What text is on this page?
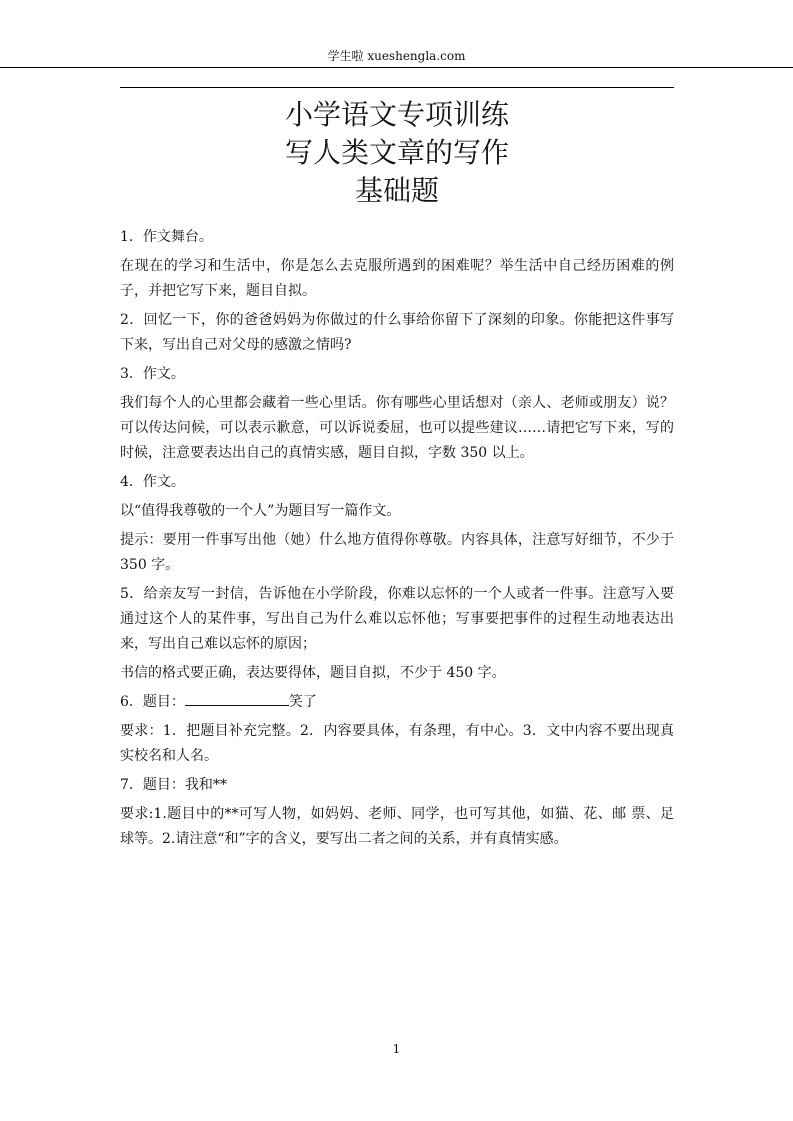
学生啦 xueshengla.com
小学语文专项训练
写人类文章的写作
基础题

1．作文舞台。

在现在的学习和生活中，你是怎么去克服所遇到的困难呢？举生活中自己经历困难的例子，并把它写下来，题目自拟。

2．回忆一下，你的爸爸妈妈为你做过的什么事给你留下了深刻的印象。你能把这件事写下来，写出自己对父母的感激之情吗?

3．作文。

我们每个人的心里都会藏着一些心里话。你有哪些心里话想对（亲人、老师或朋友）说？可以传达问候，可以表示歉意，可以诉说委屈，也可以提些建议……请把它写下来，写的时候，注意要表达出自己的真情实感，题目自拟，字数 350 以上。

4．作文。

以“值得我尊敬的一个人”为题目写一篇作文。

提示：要用一件事写出他（她）什么地方值得你尊敬。内容具体，注意写好细节，不少于 350 字。

5．给亲友写一封信，告诉他在小学阶段，你难以忘怀的一个人或者一件事。注意写入要通过这个人的某件事，写出自己为什么难以忘怀他；写事要把事件的过程生动地表达出来，写出自己难以忘怀的原因；

书信的格式要正确，表达要得体，题目自拟，不少于 450 字。

6．题目：	笑了

要求：1．把题目补充完整。2．内容要具体，有条理，有中心。3．文中内容不要出现真实校名和人名。

7．题目：我和**

要求:1.题目中的**可写人物，如妈妈、老师、同学，也可写其他，如猫、花、邮 票、足球等。2.请注意“和”字的含义，要写出二者之间的关系，并有真情实感。

1
